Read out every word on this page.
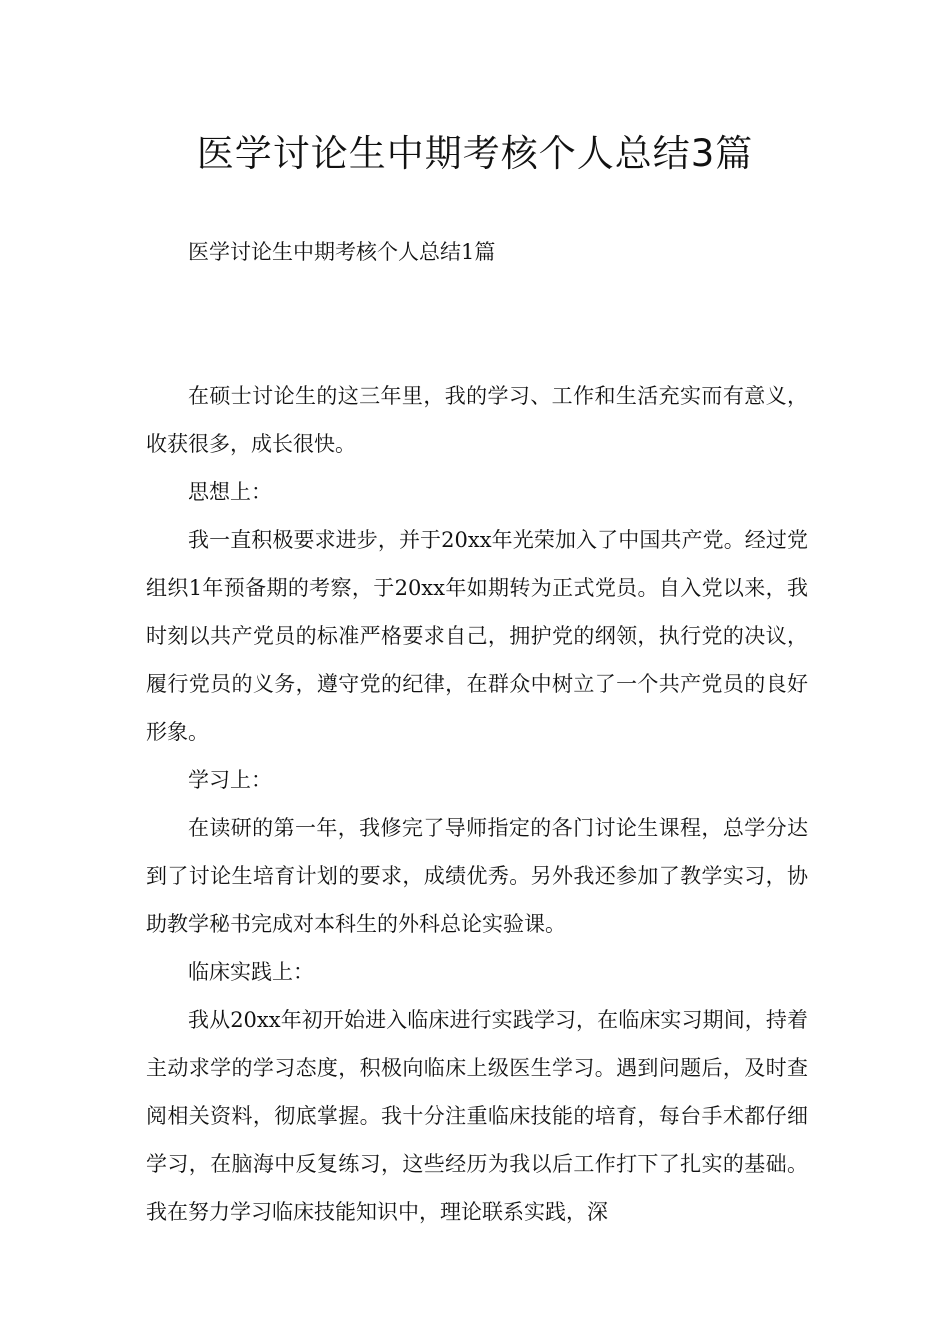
医学讨论生中期考核个人总结3篇

医学讨论生中期考核个人总结1篇

在硕士讨论生的这三年里，我的学习、工作和生活充实而有意义，收获很多，成长很快。

思想上：

我一直积极要求进步，并于20xx年光荣加入了中国共产党。经过党组织1年预备期的考察，于20xx年如期转为正式党员。自入党以来，我时刻以共产党员的标准严格要求自己，拥护党的纲领，执行党的决议，履行党员的义务，遵守党的纪律，在群众中树立了一个共产党员的良好形象。

学习上：

在读研的第一年，我修完了导师指定的各门讨论生课程，总学分达到了讨论生培育计划的要求，成绩优秀。另外我还参加了教学实习，协助教学秘书完成对本科生的外科总论实验课。

临床实践上：

我从20xx年初开始进入临床进行实践学习，在临床实习期间，持着主动求学的学习态度，积极向临床上级医生学习。遇到问题后，及时查阅相关资料，彻底掌握。我十分注重临床技能的培育，每台手术都仔细学习，在脑海中反复练习，这些经历为我以后工作打下了扎实的基础。我在努力学习临床技能知识中，理论联系实践，深
